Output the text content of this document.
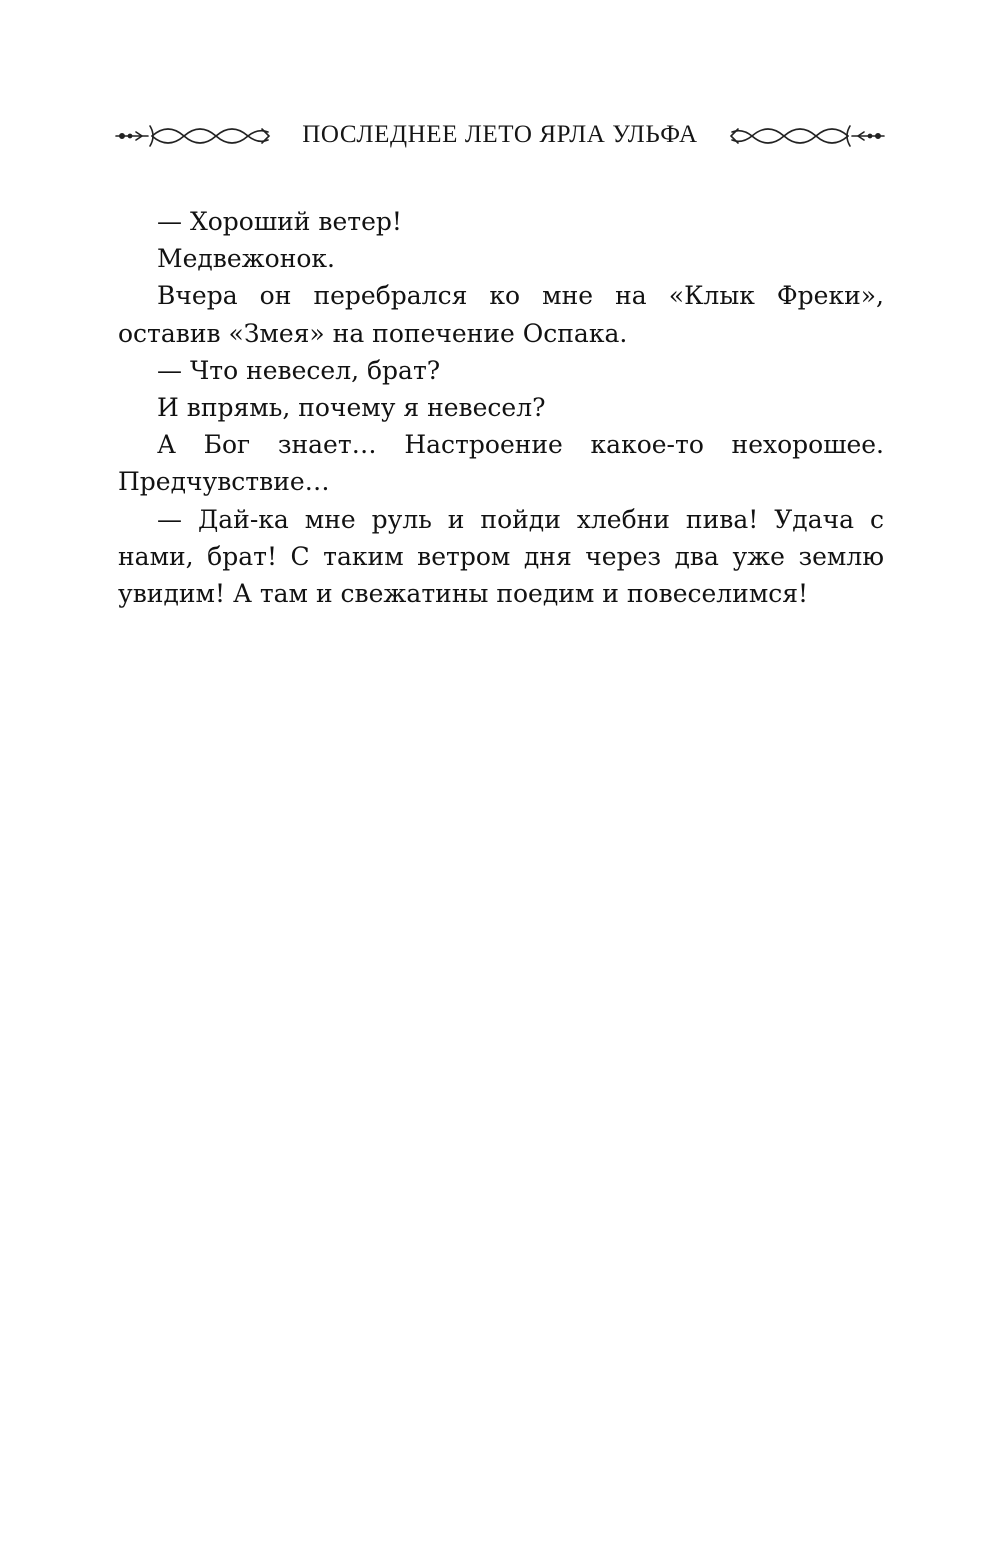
ПОСЛЕДНЕЕ ЛЕТО ЯРЛА УЛЬФА

— Хороший ветер!

Медвежонок.

Вчера он перебрался ко мне на «Клык Фреки», оставив «Змея» на попечение Оспака.

— Что невесел, брат?

И впрямь, почему я невесел?

А Бог знает… Настроение какое-то нехорошее. Предчувствие…

— Дай-ка мне руль и пойди хлебни пива! Удача с нами, брат! С таким ветром дня через два уже землю увидим! А там и свежатины поедим и повеселимся!
